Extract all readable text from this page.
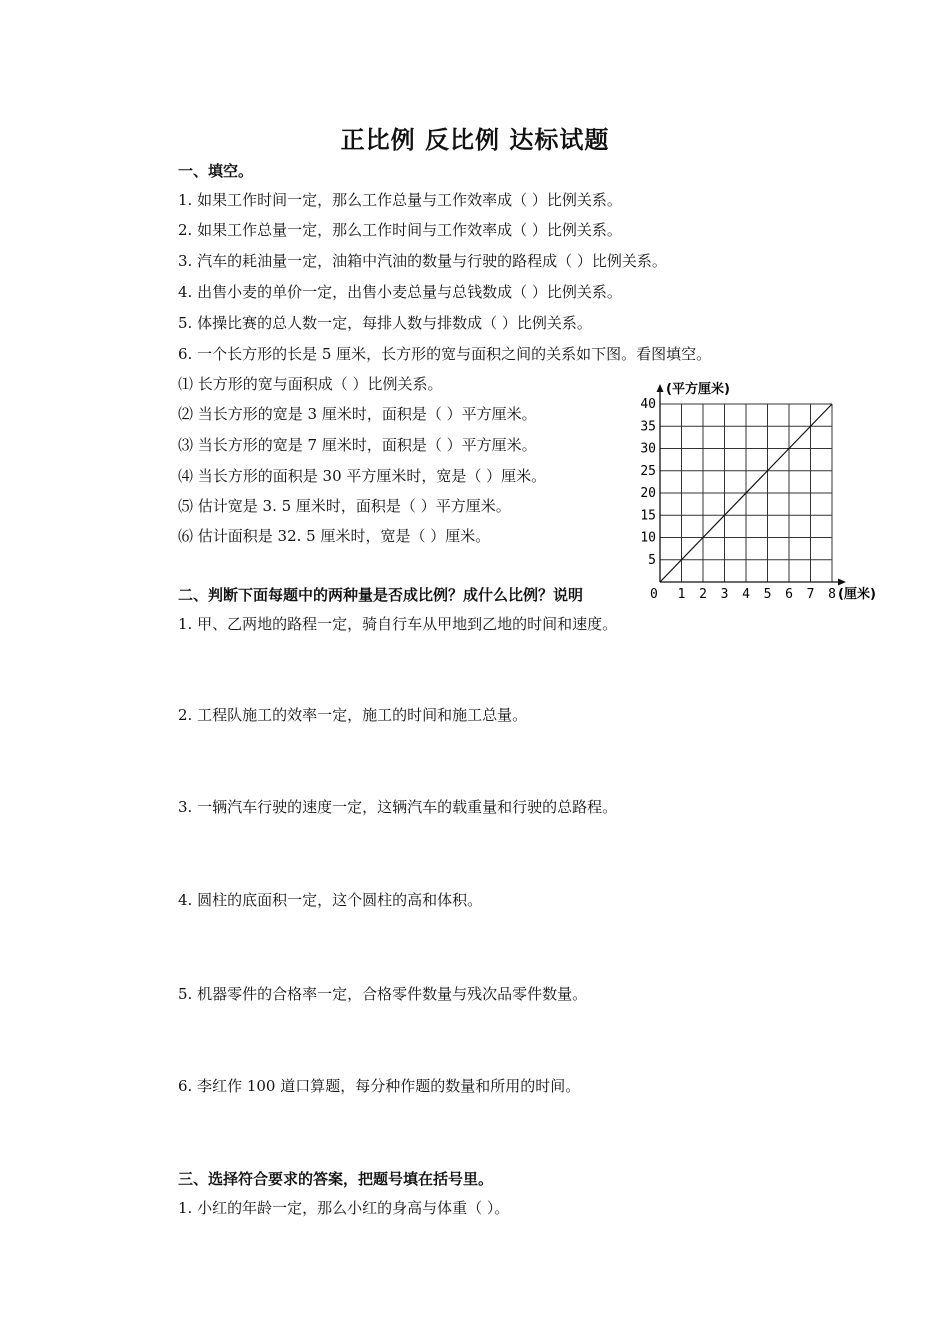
正比例 反比例 达标试题
一、填空。
1. 如果工作时间一定，那么工作总量与工作效率成（ ）比例关系。
2. 如果工作总量一定，那么工作时间与工作效率成（ ）比例关系。
3. 汽车的耗油量一定，油箱中汽油的数量与行驶的路程成（ ）比例关系。
4. 出售小麦的单价一定，出售小麦总量与总钱数成（ ）比例关系。
5. 体操比赛的总人数一定，每排人数与排数成（ ）比例关系。
6. 一个长方形的长是 5 厘米，长方形的宽与面积之间的关系如下图。看图填空。
⑴ 长方形的宽与面积成（ ）比例关系。
⑵ 当长方形的宽是 3 厘米时，面积是（ ）平方厘米。
⑶ 当长方形的宽是 7 厘米时，面积是（ ）平方厘米。
⑷ 当长方形的面积是 30 平方厘米时，宽是（ ）厘米。
⑸ 估计宽是 3. 5 厘米时，面积是（ ）平方厘米。
⑹ 估计面积是 32. 5 厘米时，宽是（ ）厘米。
1 2 3 4 5 6 7 8
5
10
15
20
25
30
35
40
0
(平方厘米)
(厘米)
二、判断下面每题中的两种量是否成比例？成什么比例？说明
1. 甲、乙两地的路程一定，骑自行车从甲地到乙地的时间和速度。
2. 工程队施工的效率一定，施工的时间和施工总量。
3. 一辆汽车行驶的速度一定，这辆汽车的载重量和行驶的总路程。
4. 圆柱的底面积一定，这个圆柱的高和体积。
5. 机器零件的合格率一定，合格零件数量与残次品零件数量。
6. 李红作 100 道口算题，每分种作题的数量和所用的时间。
三、选择符合要求的答案，把题号填在括号里。
1. 小红的年龄一定，那么小红的身高与体重（ ）。
